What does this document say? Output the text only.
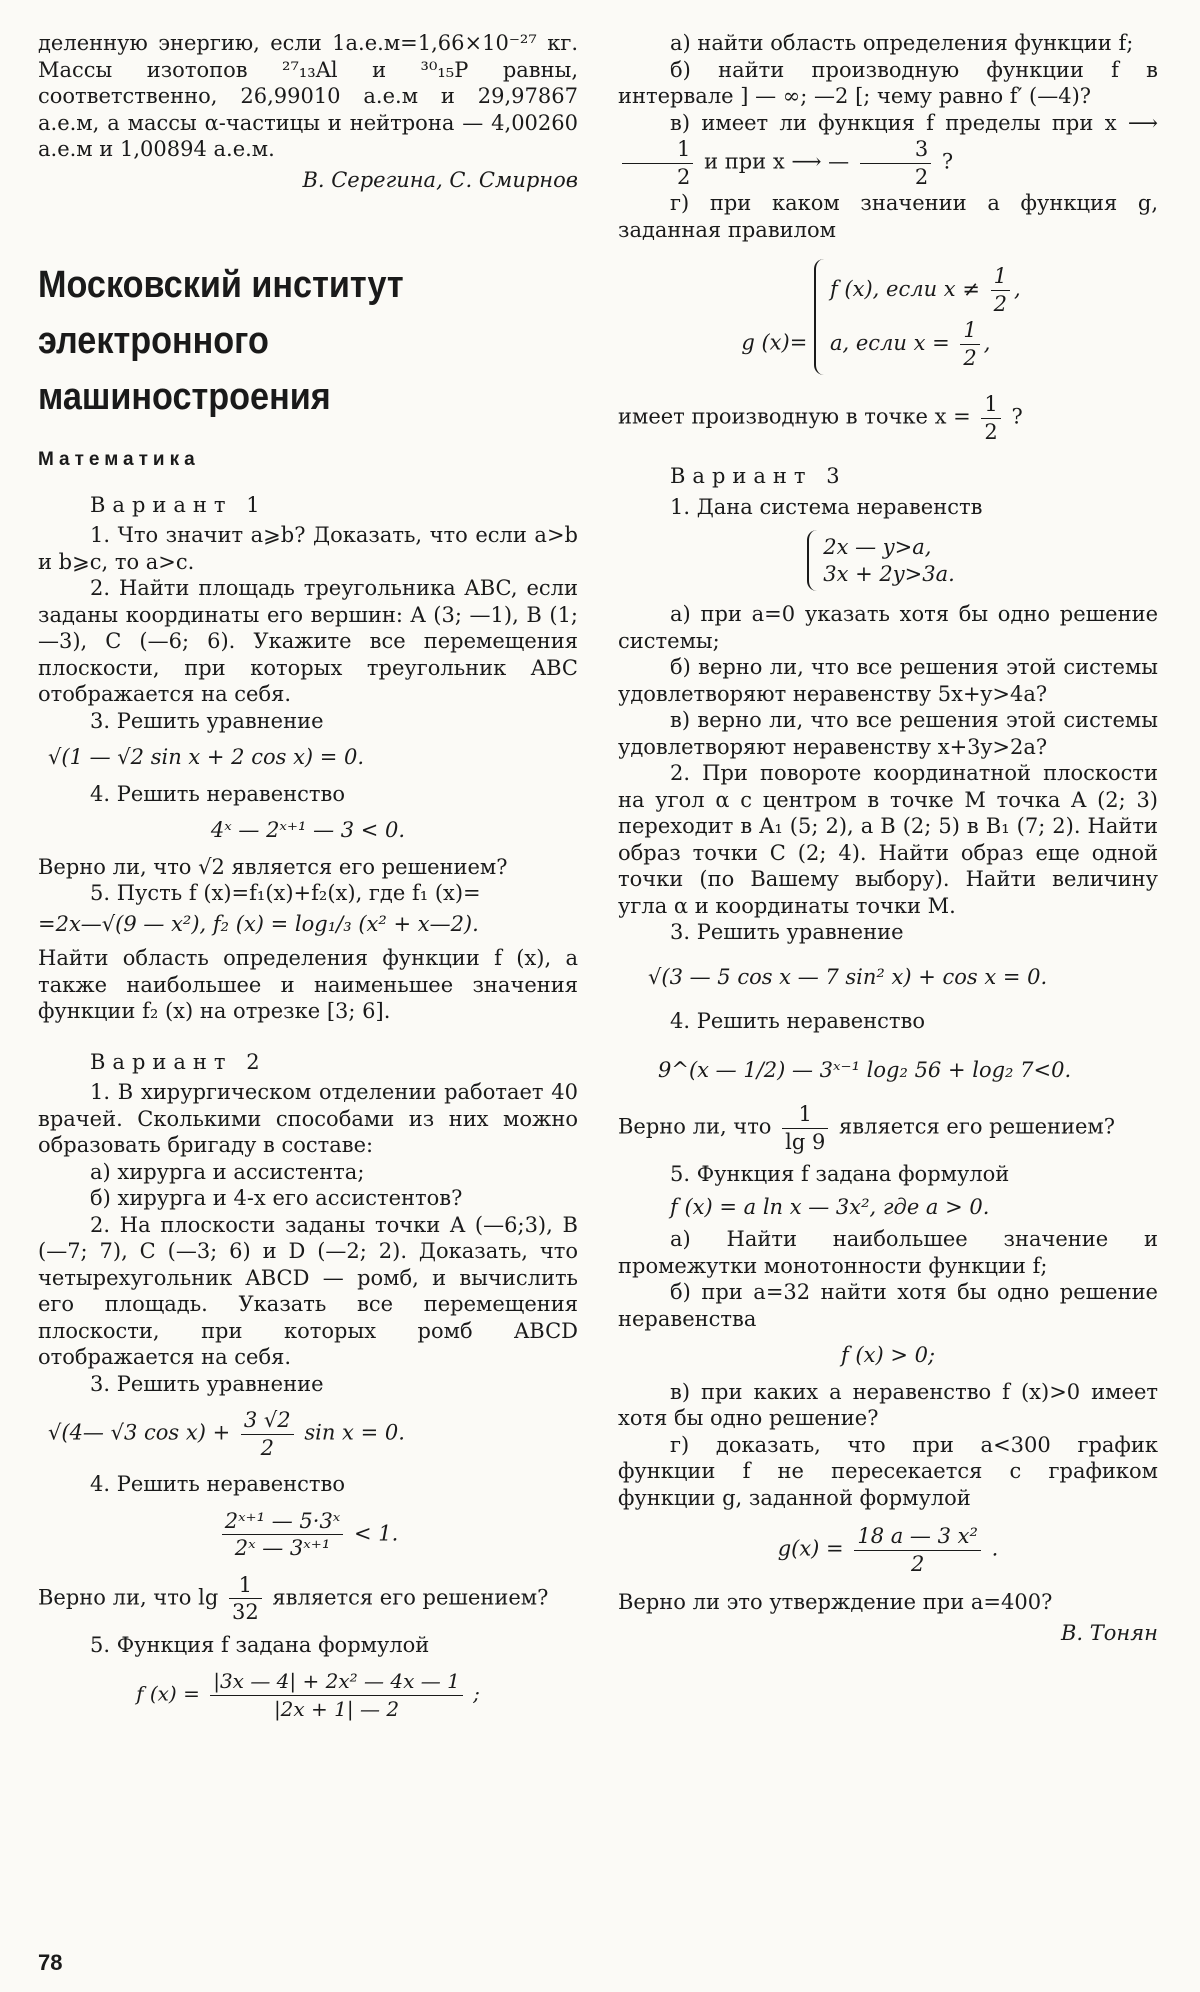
деленную энергию, если 1а.е.м=1,66×10⁻²⁷ кг. Массы изотопов ²⁷₁₃Al и ³⁰₁₅P равны, соответственно, 26,99010 а.е.м и 29,97867 а.е.м, а массы α-частицы и нейтрона — 4,00260 а.е.м и 1,00894 а.е.м.

В. Серегина, С. Смирнов

Московский институт электронного машиностроения
Математика
Вариант 1

1. Что значит a⩾b? Доказать, что если a>b и b⩾c, то a>c.

2. Найти площадь треугольника ABC, если заданы координаты его вершин: A (3; —1), B (1; —3), C (—6; 6). Укажите все перемещения плоскости, при которых треугольник ABC отображается на себя.

3. Решить уравнение

√(1 — √2 sin x + 2 cos x) = 0.

4. Решить неравенство

4ˣ — 2ˣ⁺¹ — 3 < 0.

Верно ли, что √2 является его решением?

5. Пусть f (x)=f₁(x)+f₂(x), где f₁ (x)=

=2x—√(9 — x²), f₂ (x) = log₁/₃ (x² + x—2).

Найти область определения функции f (x), а также наибольшее и наименьшее значения функции f₂ (x) на отрезке [3; 6].

Вариант 2

1. В хирургическом отделении работает 40 врачей. Сколькими способами из них можно образовать бригаду в составе:

а) хирурга и ассистента;

б) хирурга и 4-х его ассистентов?

2. На плоскости заданы точки A (—6;3), B (—7; 7), C (—3; 6) и D (—2; 2). Доказать, что четырехугольник ABCD — ромб, и вычислить его площадь. Указать все перемещения плоскости, при которых ромб ABCD отображается на себя.

3. Решить уравнение

√(4— √3 $\cos x) + \frac{3 √2}{2}$ sin x = 0.

4. Решить неравенство

$\frac{\text{2ˣ⁺¹ — 5·3ˣ}}{\text{2ˣ — 3ˣ⁺¹}} < 1$.

Верно ли, что $\lg \frac{1}{32}$ является его решением?

5. Функция f задана формулой

f $(x) = \frac{\text{|3x — 4| + 2x² — 4x — 1}}{|2x + 1| — 2}$ ;

а) найти область определения функции f;

б) найти производную функции f в интервале ] — ∞; —2 [; чему равно f′ (—4)?

в) имеет ли функция f пределы при x ⟶
$\frac{1}{2}$ и при x ⟶ — $\frac{3}{2}$ ?

г) при каком значении a функция g, заданная правилом

g (x)= f (x), если $x \ne \frac{1}{2}$ ,
a, если $x = \frac{1}{2}$ ,

имеет производную в точке $x = \frac{1}{2}$ ?

Вариант 3

1. Дана система неравенств

2x — y>a,
3x + 2y>3a.

а) при a=0 указать хотя бы одно решение системы;

б) верно ли, что все решения этой системы удовлетворяют неравенству 5x+y>4a?

в) верно ли, что все решения этой системы удовлетворяют неравенству x+3y>2a?

2. При повороте координатной плоскости на угол α с центром в точке M точка A (2; 3) переходит в A₁ (5; 2), а B (2; 5) в B₁ (7; 2). Найти образ точки C (2; 4). Найти образ еще одной точки (по Вашему выбору). Найти величину угла α и координаты точки M.

3. Решить уравнение

√(3 — 5 cos x — 7 sin² x) + cos x = 0.

4. Решить неравенство

9^(x — 1/2) — 3ˣ⁻¹ log₂ 56 + log₂ 7<0.

Верно ли, что $\frac{1}{\lg 9}$ является его решением?

5. Функция f задана формулой

f (x) = a ln x — 3x², где a > 0.

а) Найти наибольшее значение и промежутки монотонности функции f;

б) при a=32 найти хотя бы одно решение неравенства

f (x) > 0;

в) при каких a неравенство f (x)>0 имеет хотя бы одно решение?

г) доказать, что при a<300 график функции f не пересекается с графиком функции g, заданной формулой

$g(x) = \frac{\text{18 a — 3 x²}}{2}$ .

Верно ли это утверждение при a=400?

В. Тонян

78
